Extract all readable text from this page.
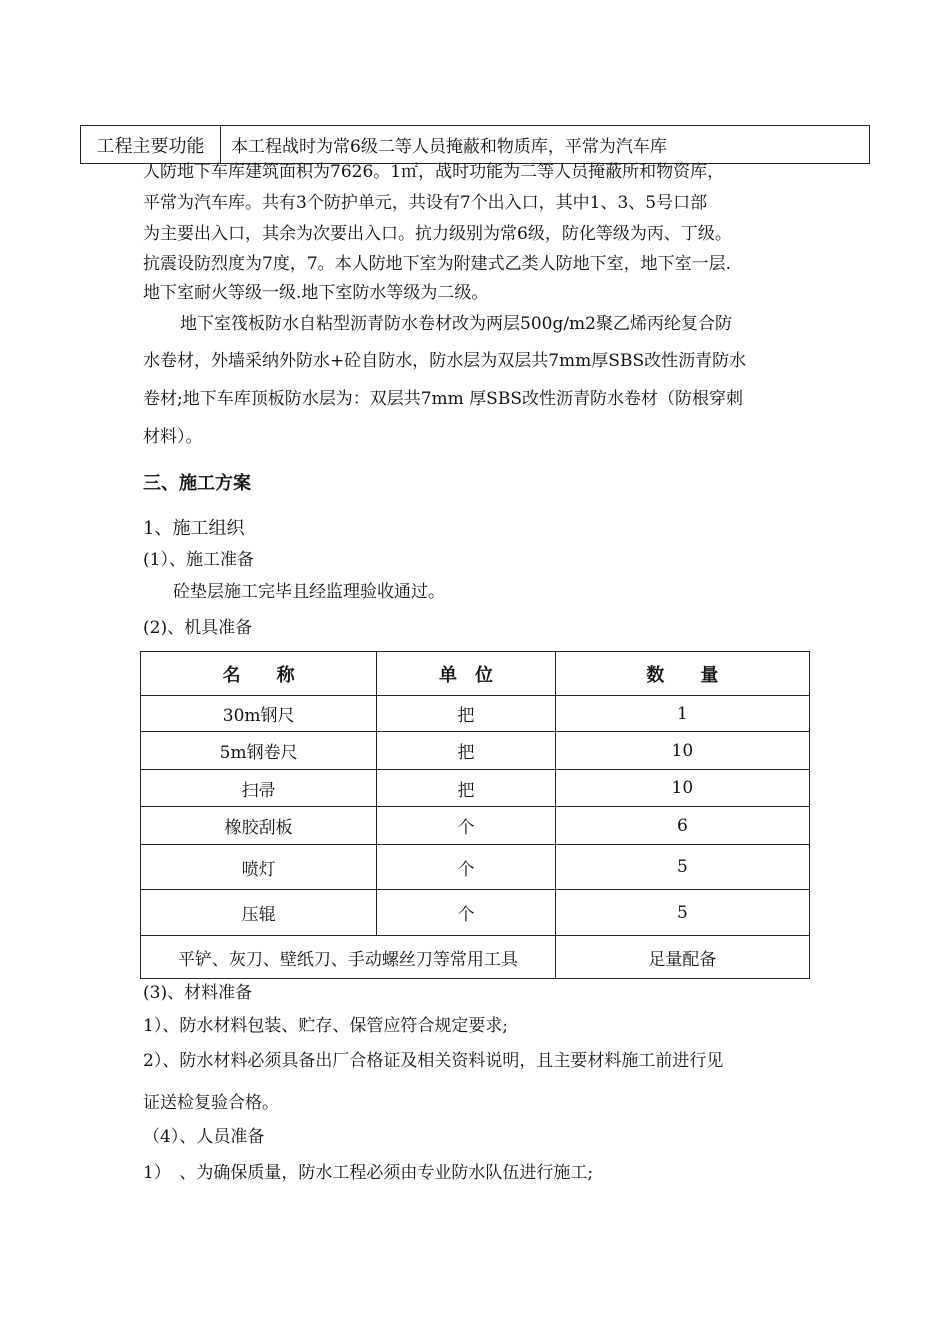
工程主要功能	本工程战时为常6级二等人员掩蔽和物质库，平常为汽车库
人防地下车库建筑面积为7626。1㎡，战时功能为二等人员掩蔽所和物资库，
平常为汽车库。共有3个防护单元，共设有7个出入口，其中1、3、5号口部
为主要出入口，其余为次要出入口。抗力级别为常6级，防化等级为丙、丁级。
抗震设防烈度为7度，7。本人防地下室为附建式乙类人防地下室，地下室一层.
地下室耐火等级一级.地下室防水等级为二级。
地下室筏板防水自粘型沥青防水卷材改为两层500g/m2聚乙烯丙纶复合防
水卷材，外墙采纳外防水+砼自防水，防水层为双层共7mm厚SBS改性沥青防水
卷材;地下车库顶板防水层为：双层共7mm 厚SBS改性沥青防水卷材（防根穿刺
材料）。
三、施工方案
1、施工组织
(1）、施工准备
砼垫层施工完毕且经监理验收通过。
(2)、机具准备
名　　称	单　位	数　　量
30m钢尺	把	1
5m钢卷尺	把	10
扫帚	把	10
橡胶刮板	个	6
喷灯	个	5
压辊	个	5
平铲、灰刀、壁纸刀、手动螺丝刀等常用工具		足量配备
(3)、材料准备
1）、防水材料包装、贮存、保管应符合规定要求;
2）、防水材料必须具备出厂合格证及相关资料说明，且主要材料施工前进行见
证送检复验合格。
（4）、人员准备
1）　、为确保质量，防水工程必须由专业防水队伍进行施工;
